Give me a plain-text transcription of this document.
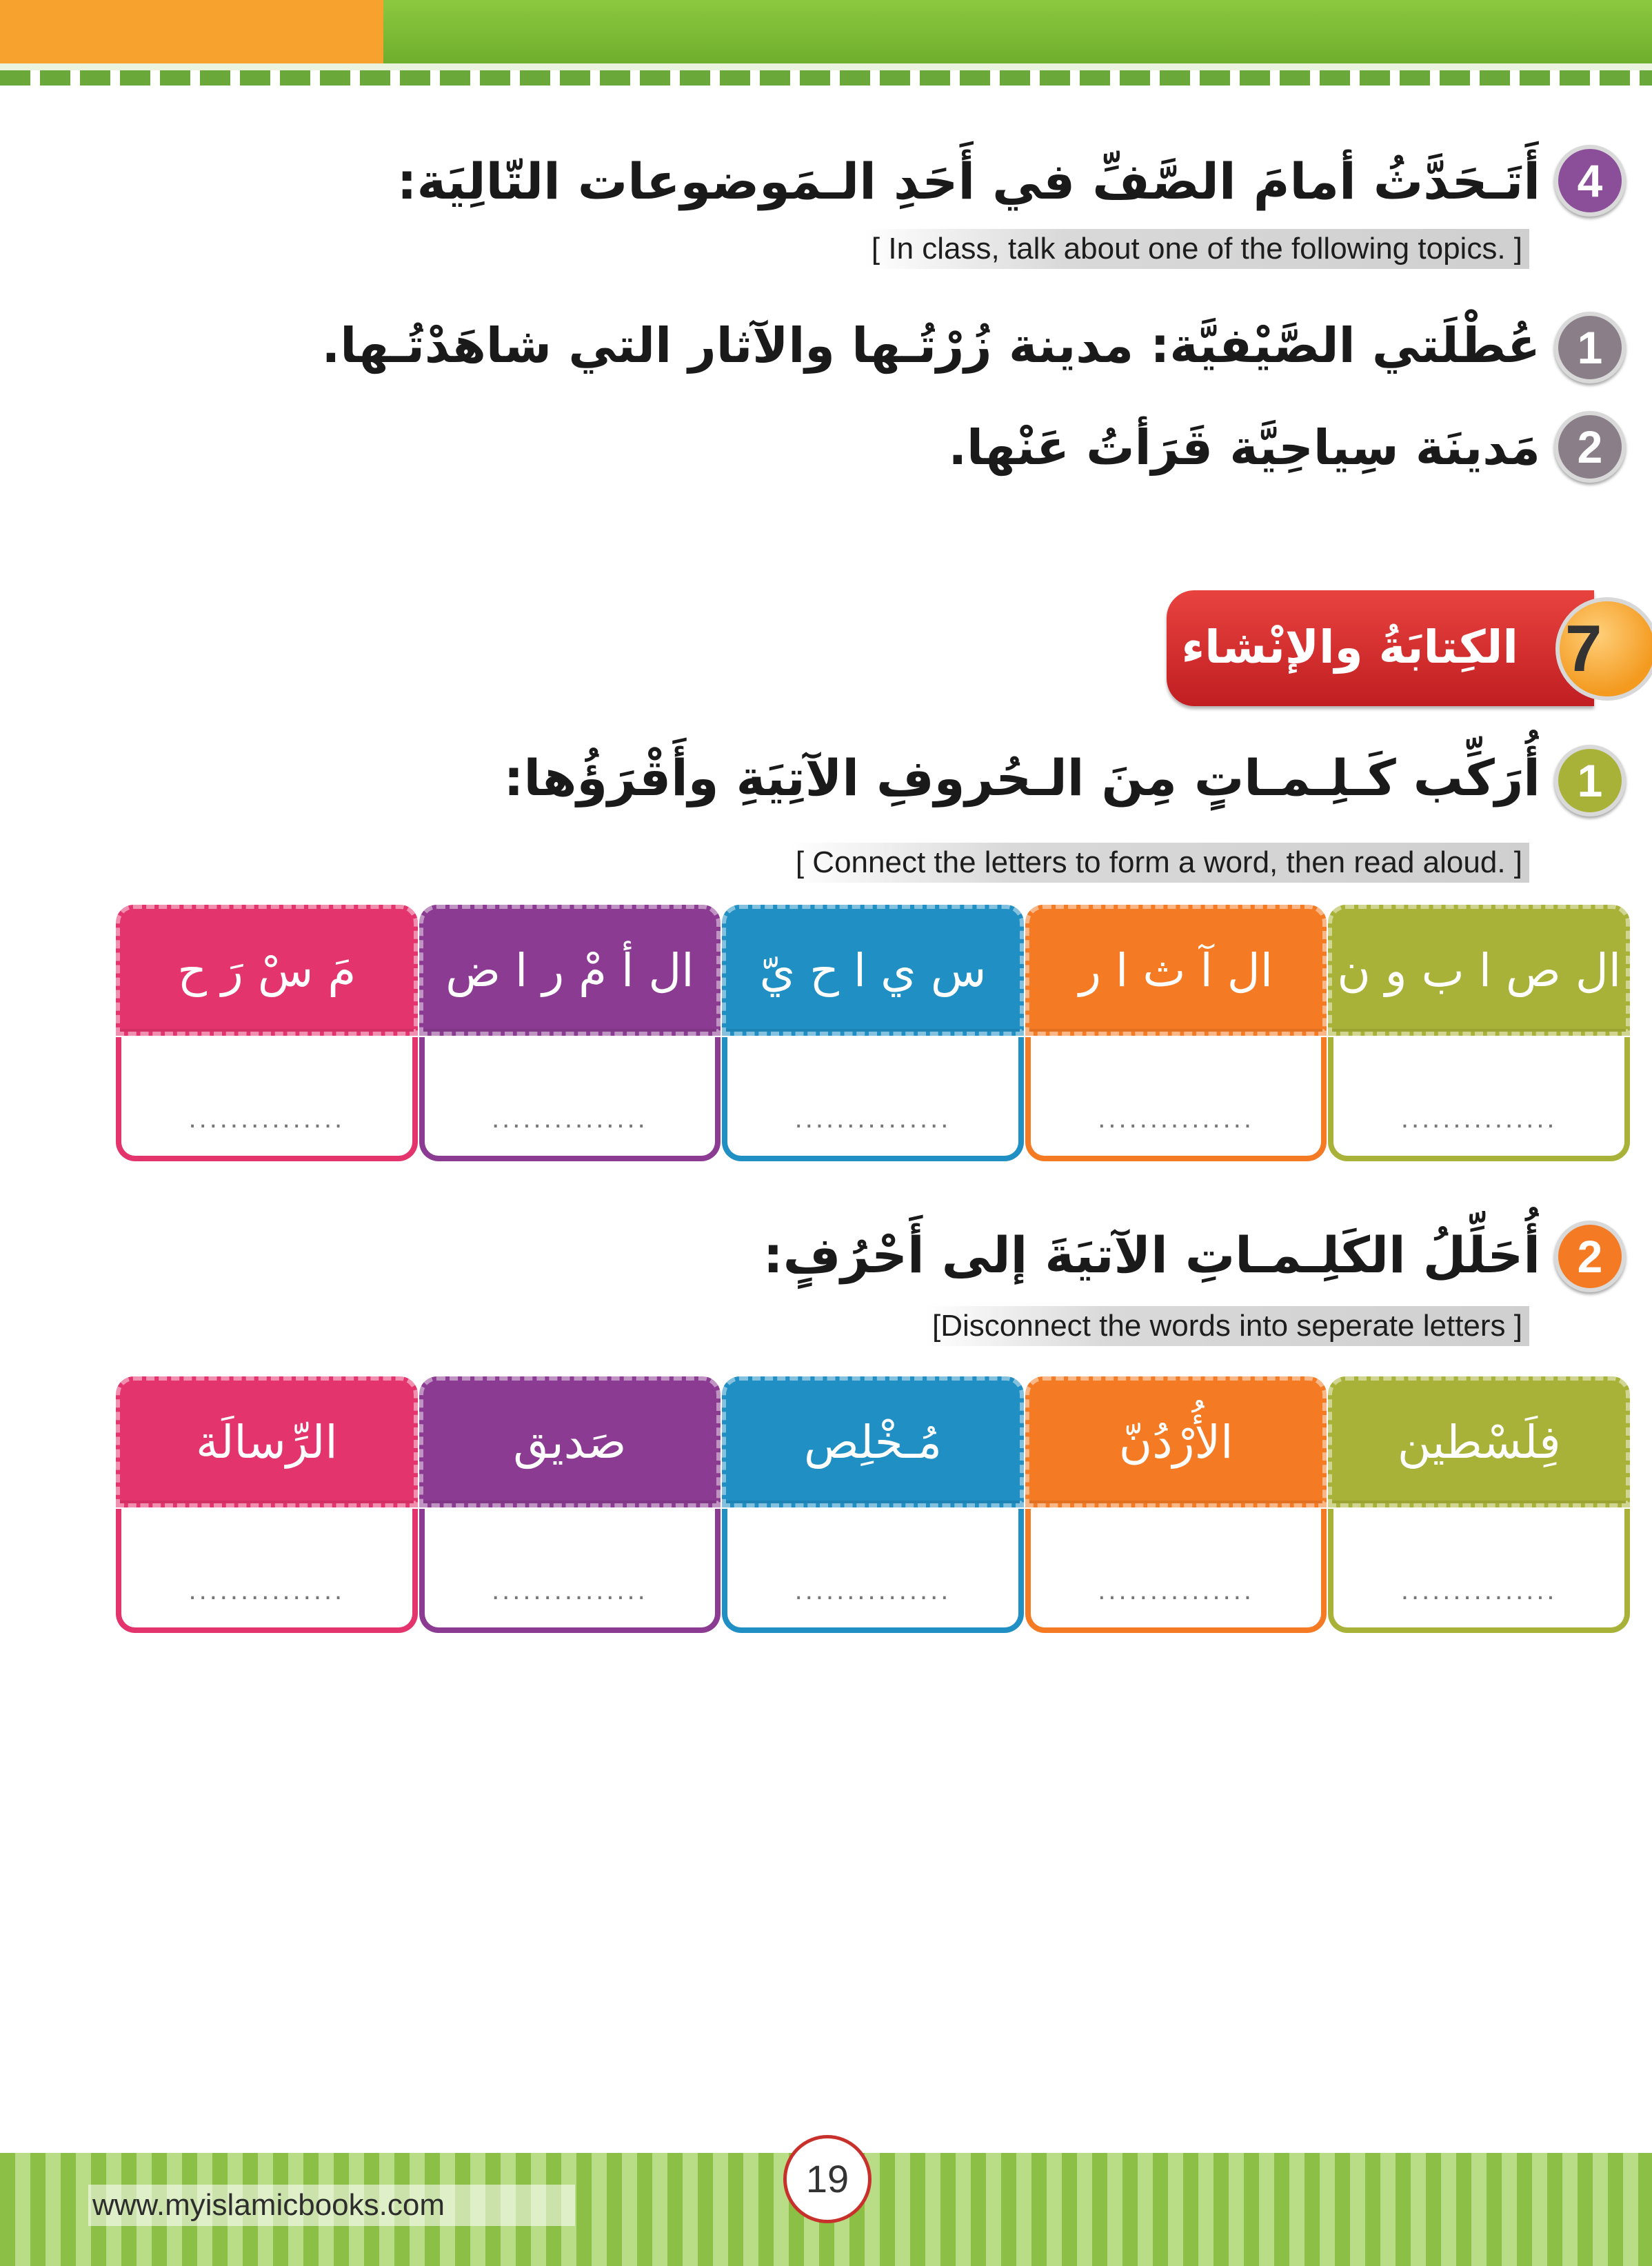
4
أَتَـحَدَّثُ أمامَ الصَّفِّ في أَحَدِ الـمَوضوعات التّالِيَة:
[ In class, talk about one of the following topics. ]
1
عُطْلَتي الصَّيْفيَّة: مدينة زُرْتُـها والآثار التي شاهَدْتُـها.
2
مَدينَة سِياحِيَّة قَرَأتُ عَنْها.
الكِتابَةُ والإنْشاء 7
1
أُرَكِّب كَـلِـمـاتٍ مِنَ الـحُروفِ الآتِيَةِ وأَقْرَؤُها:
[ Connect the letters to form a word, then read aloud. ]
ال ص ا ب و ن
...............
ال آ ث ا ر
...............
س ي ا ح يّ
...............
ال أ مْ ر ا ض
...............
مَ سْ رَ ح
...............
2
أُحَلِّلُ الكَلِـمـاتِ الآتيَةَ إلى أَحْرُفٍ:
[Disconnect the words into seperate letters ]
فِلَسْطين
...............
الأُرْدُنّ
...............
مُـخْلِص
...............
صَديق
...............
الرِّسالَة
...............
www.myislamicbooks.com
19
